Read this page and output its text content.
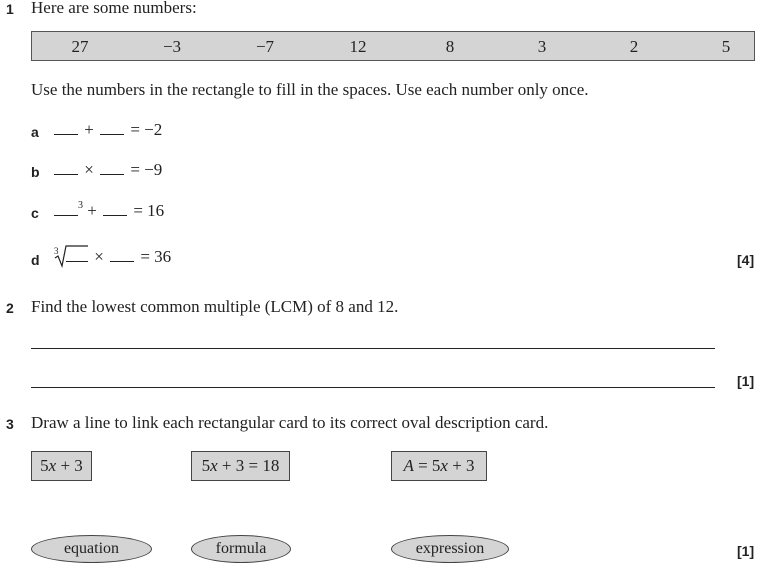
1 Here are some numbers:
27	−3	−7	12	8	3	2	5
Use the numbers in the rectangle to fill in the spaces. Use each number only once.
a	+ = −2
b	× = −9
c	$^3$ + = 16
d
3 × = 36	[4]
2 Find the lowest common multiple (LCM) of 8 and 12.
[1]
3 Draw a line to link each rectangular card to its correct oval description card.
5x + 3	5x + 3 = 18	A = 5x + 3
equation	formula	expression	[1]
